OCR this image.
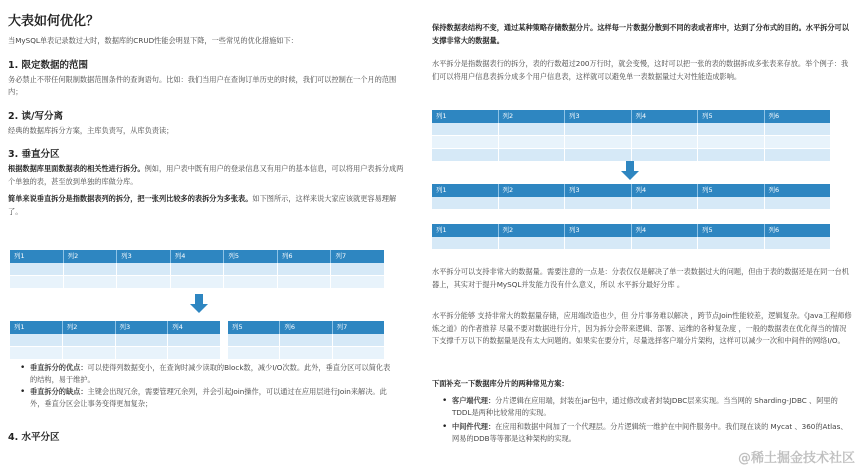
大表如何优化？
当MySQL单表记录数过大时，数据库的CRUD性能会明显下降，一些常见的优化措施如下：
1. 限定数据的范围
务必禁止不带任何限制数据范围条件的查询语句。比如：我们当用户在查询订单历史的时候，我们可以控制在一个月的范围内；
2. 读/写分离
经典的数据库拆分方案，主库负责写，从库负责读；
3. 垂直分区
根据数据库里面数据表的相关性进行拆分。例如，用户表中既有用户的登录信息又有用户的基本信息，可以将用户表拆分成两个单独的表，甚至放到单独的库做分库。
简单来说垂直拆分是指数据表列的拆分，把一张列比较多的表拆分为多张表。如下图所示，这样来说大家应该就更容易理解了。
列1	列2	列3	列4	列5	列6	列7
列1	列2	列3	列4	列5	列6	列7
• 垂直拆分的优点：可以使得列数据变小，在查询时减少读取的Block数，减少I/O次数。此外，垂直分区可以简化表的结构，易于维护。
• 垂直拆分的缺点：主键会出现冗余，需要管理冗余列，并会引起Join操作，可以通过在应用层进行Join来解决。此外，垂直分区会让事务变得更加复杂；
4. 水平分区
保持数据表结构不变，通过某种策略存储数据分片。这样每一片数据分散到不同的表或者库中，达到了分布式的目的。水平拆分可以支撑非常大的数据量。
水平拆分是指数据表行的拆分，表的行数超过200万行时，就会变慢，这时可以把一张的表的数据拆成多张表来存放。举个例子：我们可以将用户信息表拆分成多个用户信息表，这样就可以避免单一表数据量过大对性能造成影响。
列1	列2	列3	列4	列5	列6
列1	列2	列3	列4	列5	列6
列1	列2	列3	列4	列5	列6
水平拆分可以支持非常大的数据量。需要注意的一点是：分表仅仅是解决了单一表数据过大的问题，但由于表的数据还是在同一台机器上，其实对于提升MySQL并发能力没有什么意义，所以 水平拆分最好分库 。
水平拆分能够 支持非常大的数据量存储，应用端改造也少，但 分片事务难以解决 ，跨节点Join性能较差，逻辑复杂。《Java工程师修炼之道》的作者推荐 尽量不要对数据进行分片，因为拆分会带来逻辑、部署、运维的各种复杂度 ，一般的数据表在优化得当的情况下支撑千万以下的数据量是没有太大问题的。如果实在要分片，尽量选择客户端分片架构，这样可以减少一次和中间件的网络I/O。
下面补充一下数据库分片的两种常见方案：
• 客户端代理：分片逻辑在应用端，封装在jar包中，通过修改或者封装JDBC层来实现。当当网的 Sharding-JDBC 、阿里的TDDL是两种比较常用的实现。
• 中间件代理：在应用和数据中间加了一个代理层。分片逻辑统一维护在中间件服务中。我们现在谈的 Mycat 、360的Atlas、网易的DDB等等都是这种架构的实现。
@稀土掘金技术社区
